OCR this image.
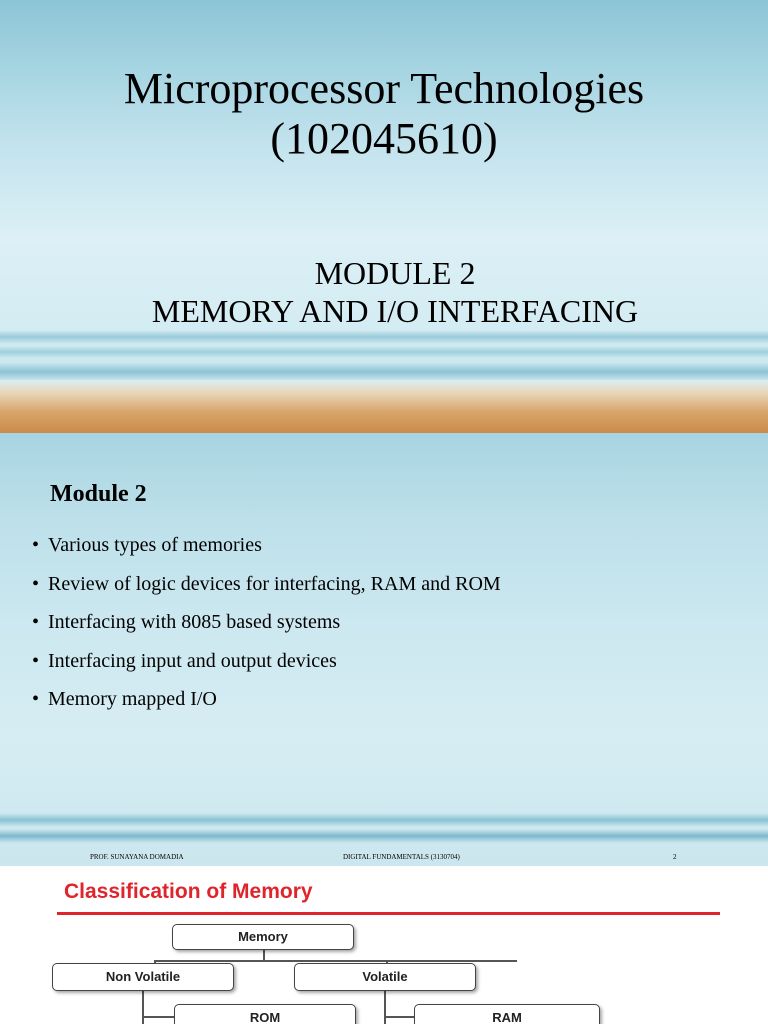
Microprocessor Technologies
(102045610)
MODULE 2
MEMORY AND I/O INTERFACING
Module 2
• Various types of memories
• Review of logic devices for interfacing, RAM and ROM
• Interfacing with 8085 based systems
• Interfacing input and output devices
• Memory mapped I/O
PROF. SUNAYANA DOMADIA	DIGITAL FUNDAMENTALS (3130704)	2
Classification of Memory
Memory
Non Volatile	Volatile
ROM	RAM
